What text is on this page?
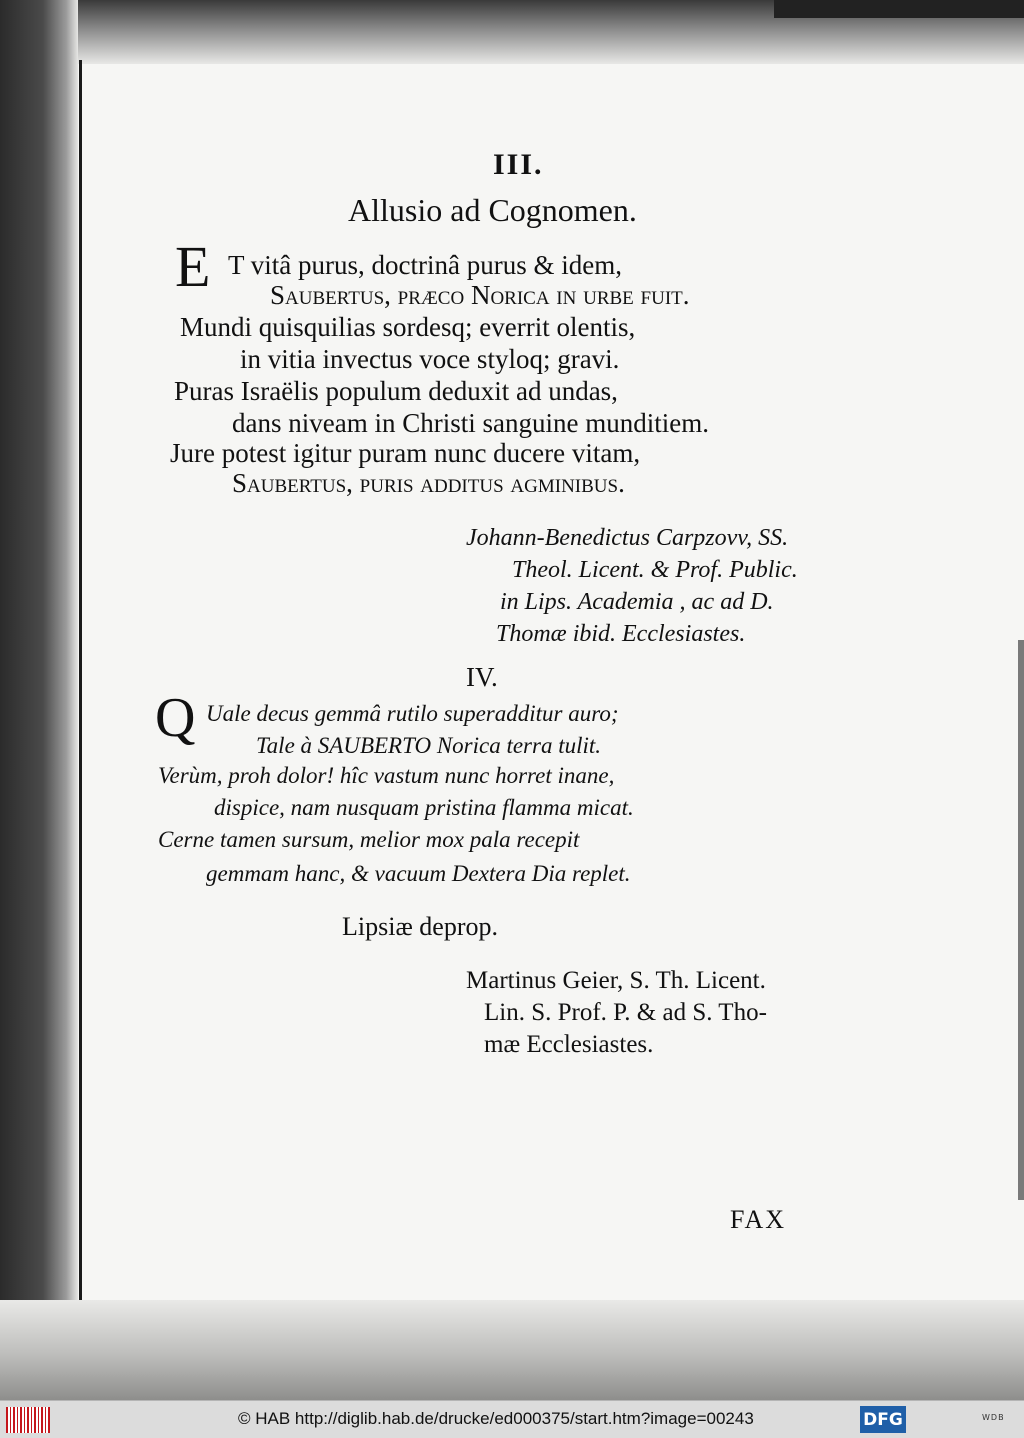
III.
Allusio ad Cognomen.
E T vitâ purus, doctrinâ purus & idem,
Saubertus, præco Norica in urbe fuit.
Mundi quisquilias sordesq; everrit olentis,
in vitia invectus voce styloq; gravi.
Puras Israëlis populum deduxit ad undas,
dans niveam in Christi sanguine munditiem.
Jure potest igitur puram nunc ducere vitam,
Saubertus, puris additus agminibus.
Johann-Benedictus Carpzovv, SS.
Theol. Licent. & Prof. Public.
in Lips. Academia , ac ad D.
Thomæ ibid. Ecclesiastes.
IV.
Q Uale decus gemmâ rutilo superadditur auro;
Tale à SAUBERTO Norica terra tulit.
Verùm, proh dolor! hîc vastum nunc horret inane,
dispice, nam nusquam pristina flamma micat.
Cerne tamen sursum, melior mox pala recepit
gemmam hanc, & vacuum Dextera Dia replet.
Lipsiæ deprop.
Martinus Geier, S. Th. Licent.
Lin. S. Prof. P. & ad S. Tho-
mæ Ecclesiastes.
FAX
© HAB http://diglib.hab.de/drucke/ed000375/start.htm?image=00243	DFG	WDB
